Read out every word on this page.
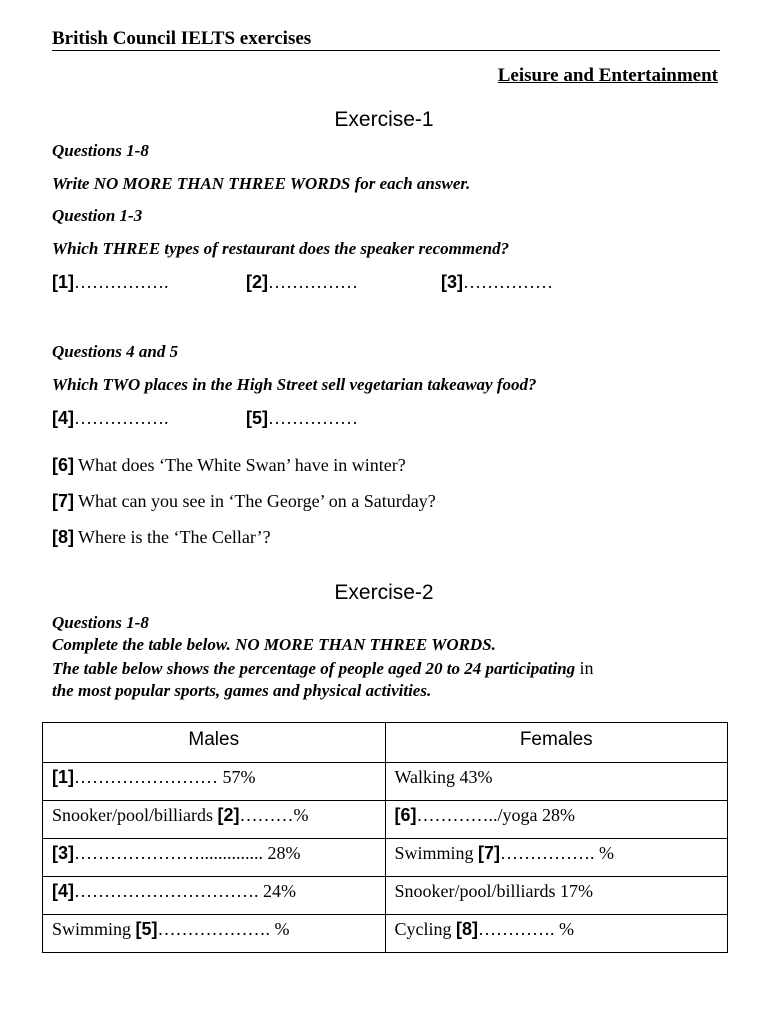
British Council IELTS exercises
Leisure and Entertainment
Exercise-1
Questions 1-8
Write NO MORE THAN THREE WORDS for each answer.
Question 1-3
Which THREE types of restaurant does the speaker recommend?
[1]…………….	[2]……………	[3]……………
Questions 4 and 5
Which TWO places in the High Street sell vegetarian takeaway food?
[4]…………….	[5]……………
[6] What does ‘The White Swan’ have in winter?
[7] What can you see in ‘The George’ on a Saturday?
[8] Where is the ‘The Cellar’?
Exercise-2
Questions 1-8
Complete the table below. NO MORE THAN THREE WORDS.
The table below shows the percentage of people aged 20 to 24 participating in
the most popular sports, games and physical activities.
Males	Females
[1]…………………… 57%	Walking 43%
Snooker/pool/billiards [2]………%	[6]…………../yoga 28%
[3]………………….............. 28%	Swimming [7]……………. %
[4]…………………………. 24%	Snooker/pool/billiards 17%
Swimming [5]………………. %	Cycling [8]…………. %
